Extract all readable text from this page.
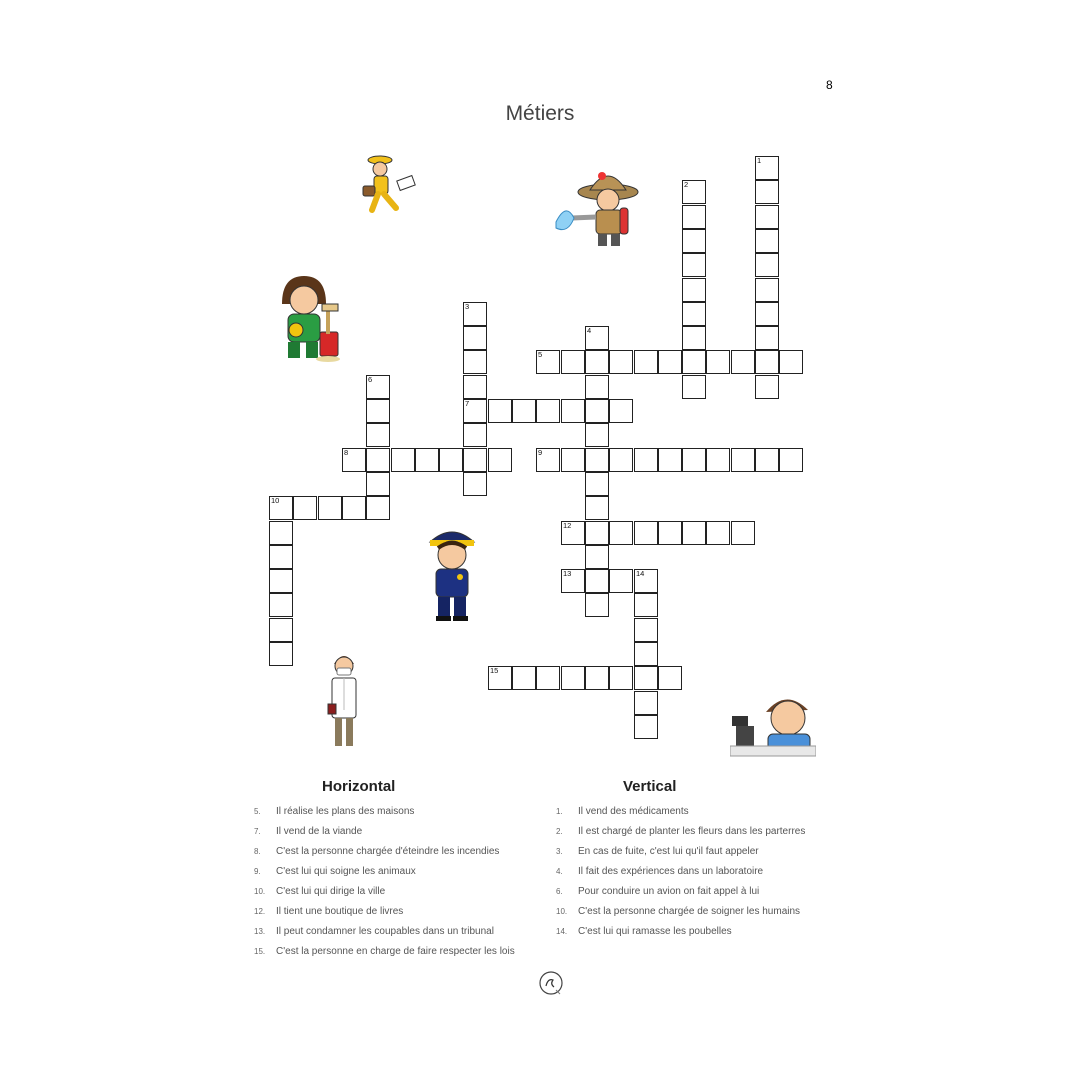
8
Métiers
1
2
3
7
4
5
6
8	9
10
12
13	14
15
Horizontal
5. Il réalise les plans des maisons
7. Il vend de la viande
8. C'est la personne chargée d'éteindre les incendies
9. C'est lui qui soigne les animaux
10. C'est lui qui dirige la ville
12. Il tient une boutique de livres
13. Il peut condamner les coupables dans un tribunal
15. C'est la personne en charge de faire respecter les lois
Vertical
1. Il vend des médicaments
2. Il est chargé de planter les fleurs dans les parterres
3. En cas de fuite, c'est lui qu'il faut appeler
4. Il fait des expériences dans un laboratoire
6. Pour conduire un avion on fait appel à lui
10. C'est la personne chargée de soigner les humains
14. C'est lui qui ramasse les poubelles
